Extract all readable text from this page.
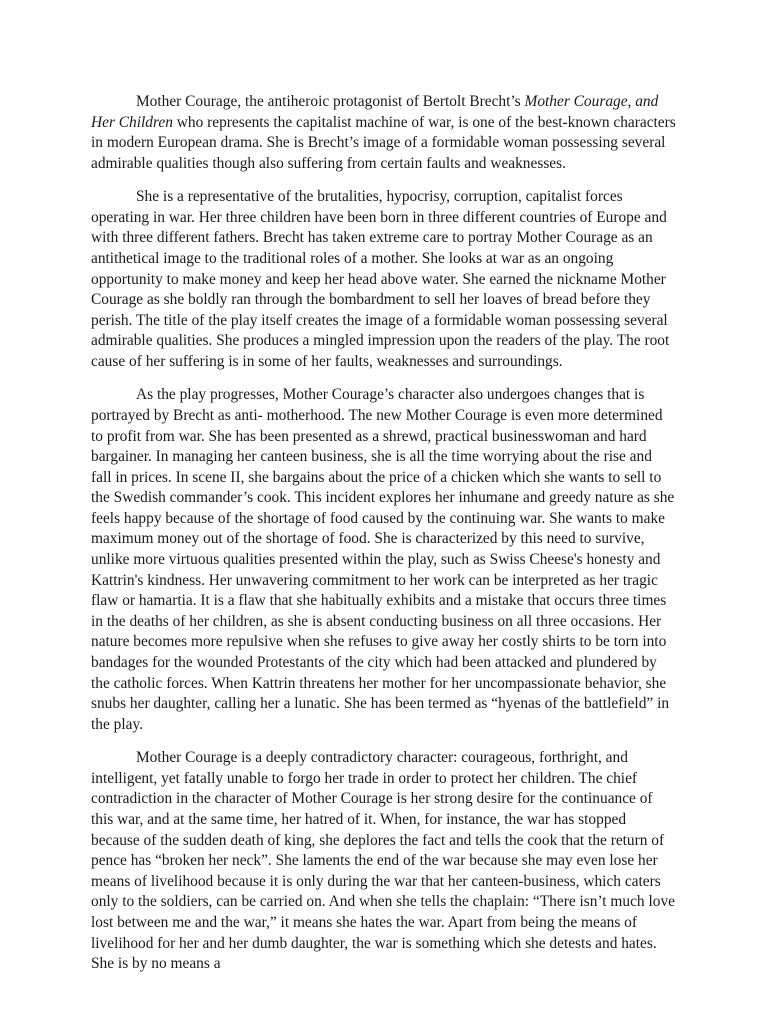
Mother Courage, the antiheroic protagonist of Bertolt Brecht’s Mother Courage, and Her Children who represents the capitalist machine of war, is one of the best-known characters in modern European drama. She is Brecht’s image of a formidable woman possessing several admirable qualities though also suffering from certain faults and weaknesses.

She is a representative of the brutalities, hypocrisy, corruption, capitalist forces operating in war. Her three children have been born in three different countries of Europe and with three different fathers. Brecht has taken extreme care to portray Mother Courage as an antithetical image to the traditional roles of a mother. She looks at war as an ongoing opportunity to make money and keep her head above water. She earned the nickname Mother Courage as she boldly ran through the bombardment to sell her loaves of bread before they perish. The title of the play itself creates the image of a formidable woman possessing several admirable qualities. She produces a mingled impression upon the readers of the play. The root cause of her suffering is in some of her faults, weaknesses and surroundings.

As the play progresses, Mother Courage’s character also undergoes changes that is portrayed by Brecht as anti- motherhood. The new Mother Courage is even more determined to profit from war. She has been presented as a shrewd, practical businesswoman and hard bargainer. In managing her canteen business, she is all the time worrying about the rise and fall in prices. In scene II, she bargains about the price of a chicken which she wants to sell to the Swedish commander’s cook. This incident explores her inhumane and greedy nature as she feels happy because of the shortage of food caused by the continuing war. She wants to make maximum money out of the shortage of food. She is characterized by this need to survive, unlike more virtuous qualities presented within the play, such as Swiss Cheese's honesty and Kattrin's kindness. Her unwavering commitment to her work can be interpreted as her tragic flaw or hamartia. It is a flaw that she habitually exhibits and a mistake that occurs three times in the deaths of her children, as she is absent conducting business on all three occasions. Her nature becomes more repulsive when she refuses to give away her costly shirts to be torn into bandages for the wounded Protestants of the city which had been attacked and plundered by the catholic forces. When Kattrin threatens her mother for her uncompassionate behavior, she snubs her daughter, calling her a lunatic. She has been termed as “hyenas of the battlefield” in the play.

Mother Courage is a deeply contradictory character: courageous, forthright, and intelligent, yet fatally unable to forgo her trade in order to protect her children. The chief contradiction in the character of Mother Courage is her strong desire for the continuance of this war, and at the same time, her hatred of it. When, for instance, the war has stopped because of the sudden death of king, she deplores the fact and tells the cook that the return of pence has “broken her neck”. She laments the end of the war because she may even lose her means of livelihood because it is only during the war that her canteen-business, which caters only to the soldiers, can be carried on. And when she tells the chaplain: “There isn’t much love lost between me and the war,” it means she hates the war. Apart from being the means of livelihood for her and her dumb daughter, the war is something which she detests and hates. She is by no means a
